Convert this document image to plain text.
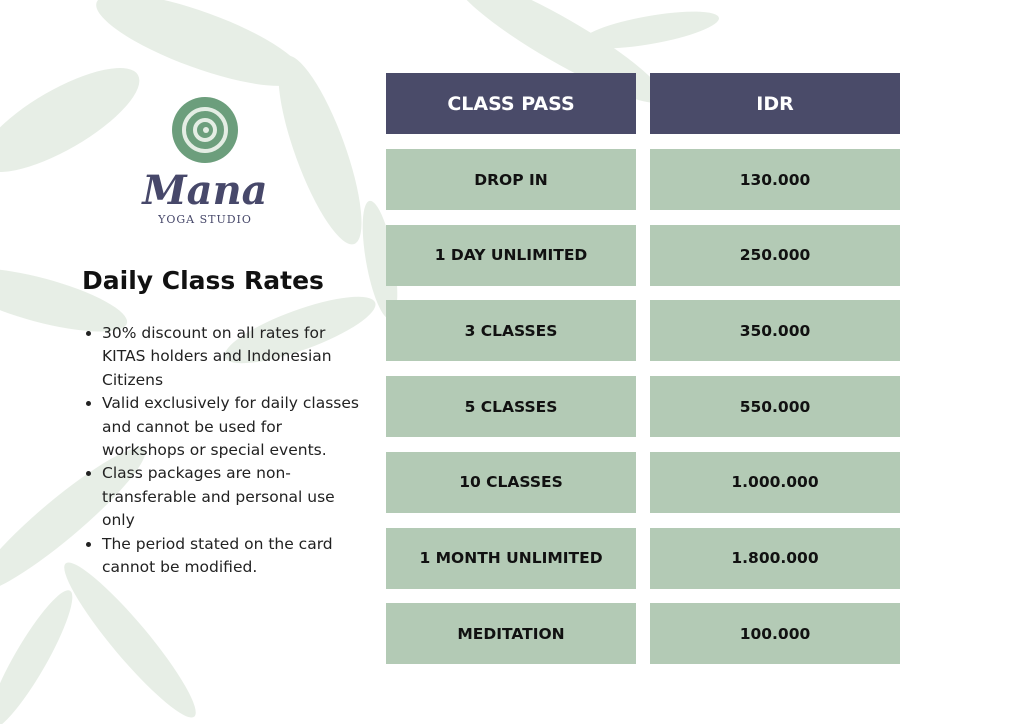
Mana
YOGA STUDIO
Daily Class Rates
• 30% discount on all rates for KITAS holders and Indonesian Citizens
• Valid exclusively for daily classes and cannot be used for workshops or special events.
• Class packages are non-transferable and personal use only
• The period stated on the card cannot be modified.
CLASS PASS	IDR
DROP IN	130.000
1 DAY UNLIMITED	250.000
3 CLASSES	350.000
5 CLASSES	550.000
10 CLASSES	1.000.000
1 MONTH UNLIMITED	1.800.000
MEDITATION	100.000
